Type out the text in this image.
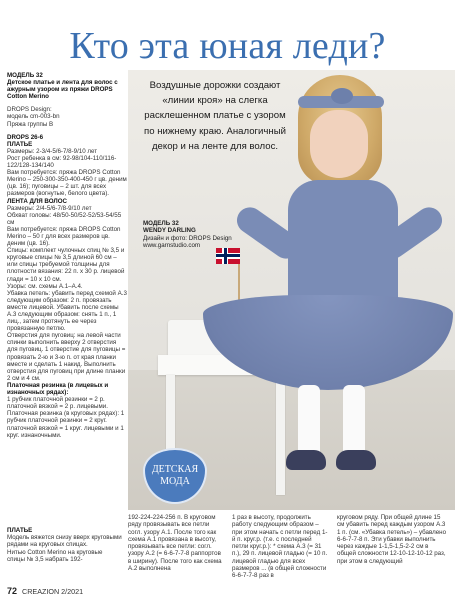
Кто эта юная леди?

МОДЕЛЬ 32

Детское платье и лента для волос с ажурным узором из пряжи DROPS Cotton Merino

DROPS Design:

модель cm-003-bn

Пряжа группы В

DROPS 26-6

ПЛАТЬЕ

Размеры: 2-3/4-5/6-7/8-9/10 лет

Рост ребенка в см: 92-98/104-110/116-122/128-134/140

Вам потребуется: пряжа DROPS Cotton Merino – 250-300-350-400-450 г цв. деним (цв. 16); пуговицы – 2 шт. для всех размеров (вогнутые, белого цвета).

ЛЕНТА ДЛЯ ВОЛОС

Размеры: 2/4-5/6-7/8-9/10 лет

Обхват головы: 48/50-50/52-52/53-54/55 см

Вам потребуется: пряжа DROPS Cotton Merino – 50 г для всех размеров цв. деним (цв. 16).

Спицы: комплект чулочных спиц № 3,5 и круговые спицы № 3,5 длиной 60 см – или спицы требуемой толщины для плотности вязания: 22 п. х 30 р. лицевой глади = 10 х 10 см.

Узоры: см. схемы А.1–А.4.

Убавка петель: убавить перед схемой А.3 следующим образом: 2 п. провязать вместе лицевой. Убавить после схемы А.3 следующим образом: снять 1 п., 1 лиц., затем протянуть ее через провязанную петлю.

Отверстия для пуговиц: на левой части спинки выполнить вверху 2 отверстия для пуговиц. 1 отверстие для пуговицы = провязать 2-ю и 3-ю п. от края планки вместе и сделать 1 накид. Выполнить отверстия для пуговиц при длине планки 2 см и 4 см.

Платочная резинка (в лицевых и изнаночных рядах):

1 рубчик платочной резинки = 2 р. платочной вязкой = 2 р. лицевыми.

Платочная резинка (в круговых рядах): 1 рубчик платочной резинки = 2 круг. платочной вязкой = 1 круг. лицевыми и 1 круг. изнаночными.

Воздушные дорожки создают «линии кроя» на слегка расклешенном платье с узором по нижнему краю. Аналогичный декор и на ленте для волос.
МОДЕЛЬ 32
WENDY DARLING
Дизайн и фото: DROPS Design
www.garnstudio.com
ДЕТСКАЯ
МОДА

ПЛАТЬЕ

Модель вяжется снизу вверх круговыми рядами на круговых спицах.

Нитью Cotton Merino на круговые спицы № 3,5 набрать 192-

192-224-224-256 п. В круговом ряду провязывать все петли согл. узору А.1. После того как схема А.1 провязана в высоту, провязывать все петли: согл. узору А.2 (= 6-6-7-7-8 раппортов в ширину). После того как схема А.2 выполнена
1 раз в высоту, продолжить работу следующим образом – при этом начать с петли перед 1-й п. круг.р. (т.е. с последней петли круг.р.): * схема А.3 (= 31 п.), 29 п. лицевой гладью (= 10 п. лицевой гладью для всех размеров ... (в общей сложности 6-6-7-7-8 раз в
круговом ряду. При общей длине 15 см убавить перед каждым узором А.3 1 п. (см. «Убавка петель») – убавлено 6-6-7-7-8 п. Эти убавки выполнить через каждые 1-1,5-1,5-2-2 см в общей сложности 12-10-12-10-12 раз, при этом в следующий
72 CREAZION 2/2021
